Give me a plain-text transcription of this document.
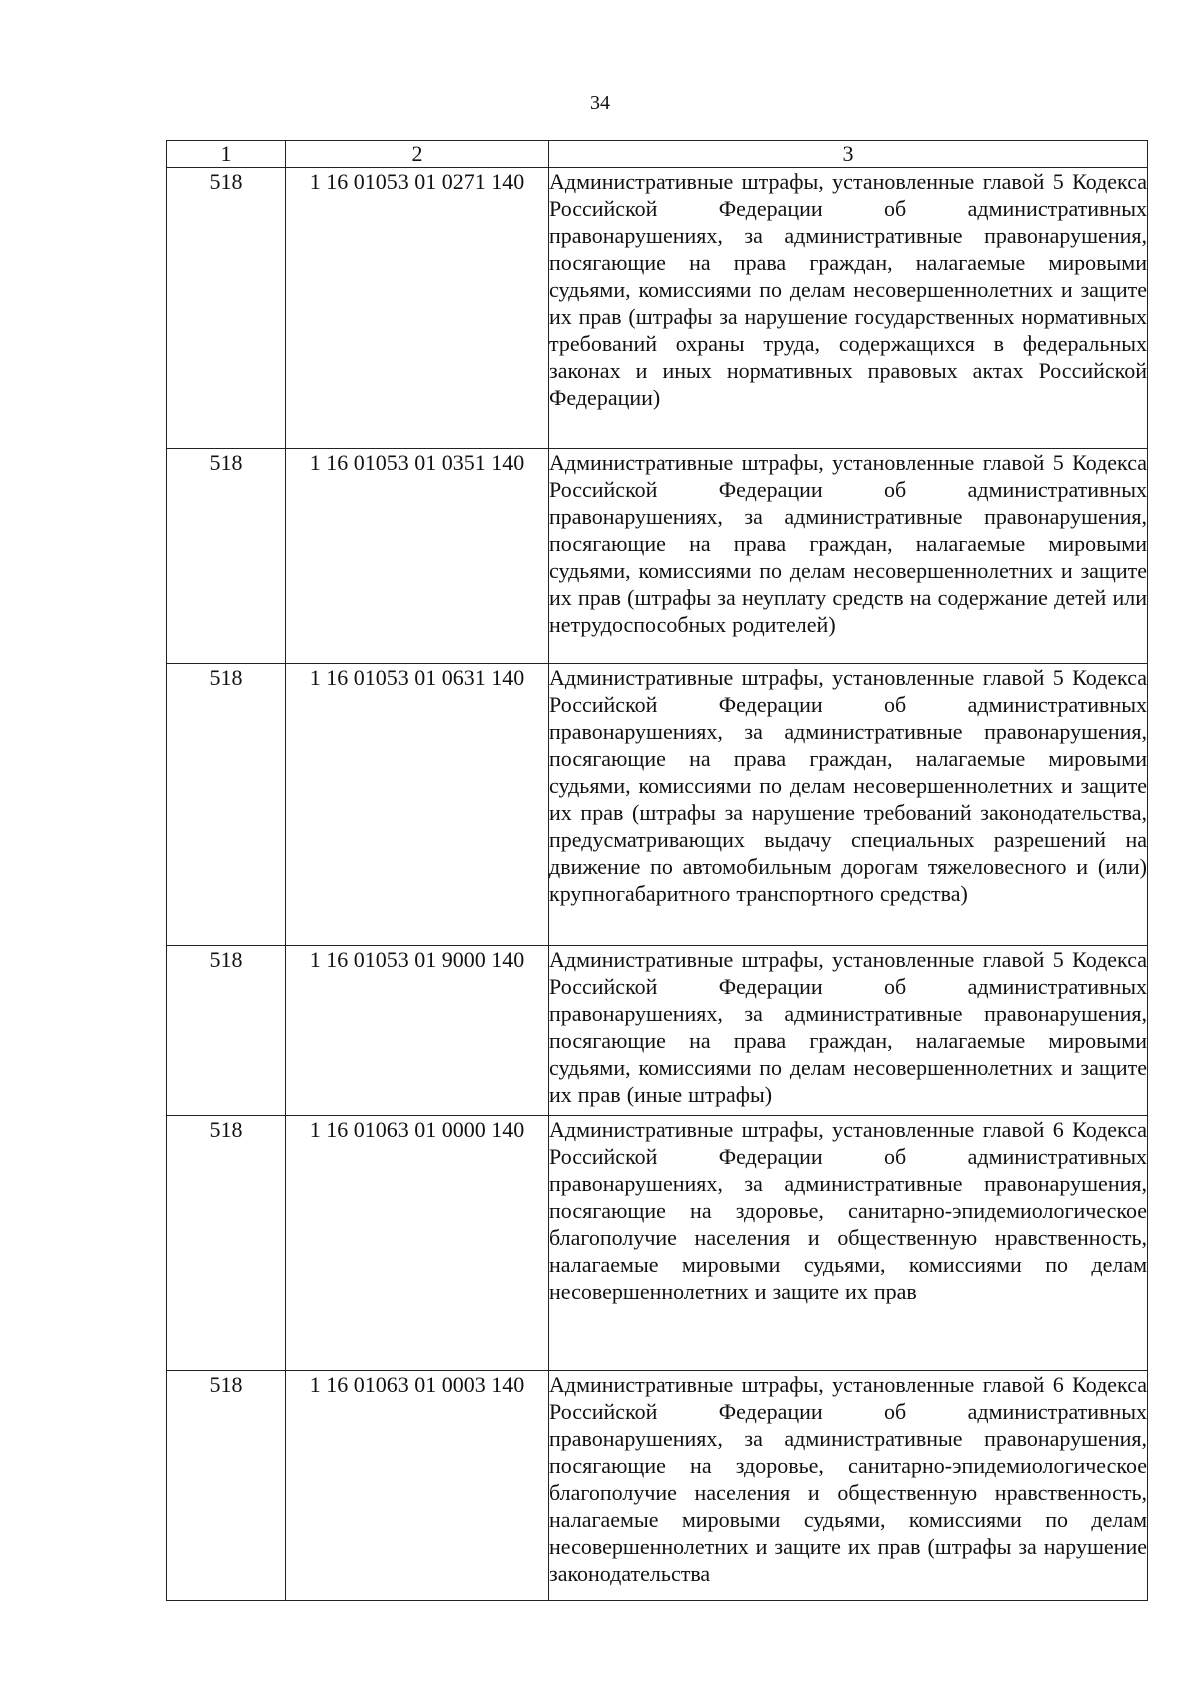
34
1	2	3
518	1 16 01053 01 0271 140	Административные штрафы, установленные главой 5 Кодекса Российской Федерации об административных правонарушениях, за административные правонарушения, посягающие на права граждан, налагаемые мировыми судьями, комиссиями по делам несовершеннолетних и защите их прав (штрафы за нарушение государственных нормативных требований охраны труда, содержащихся в федеральных законах и иных нормативных правовых актах Российской Федерации)

518	1 16 01053 01 0351 140	Административные штрафы, установленные главой 5 Кодекса Российской Федерации об административных правонарушениях, за административные правонарушения, посягающие на права граждан, налагаемые мировыми судьями, комиссиями по делам несовершеннолетних и защите их прав (штрафы за неуплату средств на содержание детей или нетрудоспособных родителей)

518	1 16 01053 01 0631 140	Административные штрафы, установленные главой 5 Кодекса Российской Федерации об административных правонарушениях, за административные правонарушения, посягающие на права граждан, налагаемые мировыми судьями, комиссиями по делам несовершеннолетних и защите их прав (штрафы за нарушение требований законодательства, предусматривающих выдачу специальных разрешений на движение по автомобильным дорогам тяжеловесного и (или) крупногабаритного транспортного средства)

518	1 16 01053 01 9000 140	Административные штрафы, установленные главой 5 Кодекса Российской Федерации об административных правонарушениях, за административные правонарушения, посягающие на права граждан, налагаемые мировыми судьями, комиссиями по делам несовершеннолетних и защите их прав (иные штрафы)

518	1 16 01063 01 0000 140	Административные штрафы, установленные главой 6 Кодекса Российской Федерации об административных правонарушениях, за административные правонарушения, посягающие на здоровье, санитарно-эпидемиологическое благополучие населения и общественную нравственность, налагаемые мировыми судьями, комиссиями по делам несовершеннолетних и защите их прав

518	1 16 01063 01 0003 140	Административные штрафы, установленные главой 6 Кодекса Российской Федерации об административных правонарушениях, за административные правонарушения, посягающие на здоровье, санитарно-эпидемиологическое благополучие населения и общественную нравственность, налагаемые мировыми судьями, комиссиями по делам несовершеннолетних и защите их прав (штрафы за нарушение законодательства
